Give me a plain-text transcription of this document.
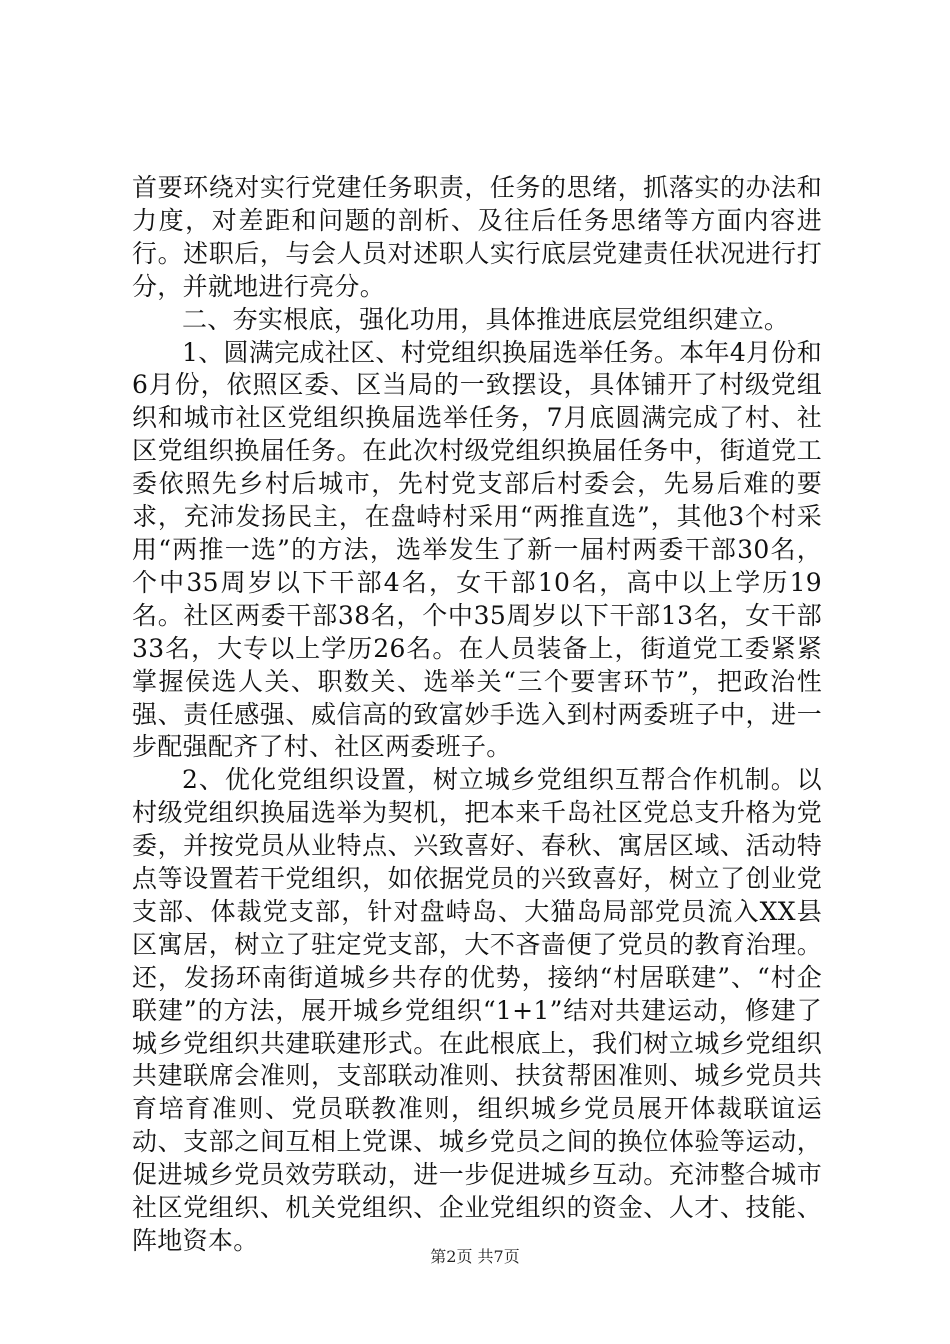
首要环绕对实行党建任务职责，任务的思绪，抓落实的办法和力度，对差距和问题的剖析、及往后任务思绪等方面内容进行。述职后，与会人员对述职人实行底层党建责任状况进行打分，并就地进行亮分。

二、夯实根底，强化功用，具体推进底层党组织建立。

1、圆满完成社区、村党组织换届选举任务。本年4月份和6月份，依照区委、区当局的一致摆设，具体铺开了村级党组织和城市社区党组织换届选举任务，7月底圆满完成了村、社区党组织换届任务。在此次村级党组织换届任务中，街道党工委依照先乡村后城市，先村党支部后村委会，先易后难的要求，充沛发扬民主，在盘峙村采用“两推直选”，其他3个村采用“两推一选”的方法，选举发生了新一届村两委干部30名，个中35周岁以下干部4名，女干部10名，高中以上学历19名。社区两委干部38名，个中35周岁以下干部13名，女干部33名，大专以上学历26名。在人员装备上，街道党工委紧紧掌握侯选人关、职数关、选举关“三个要害环节”，把政治性强、责任感强、威信高的致富妙手选入到村两委班子中，进一步配强配齐了村、社区两委班子。

2、优化党组织设置，树立城乡党组织互帮合作机制。以村级党组织换届选举为契机，把本来千岛社区党总支升格为党委，并按党员从业特点、兴致喜好、春秋、寓居区域、活动特点等设置若干党组织，如依据党员的兴致喜好，树立了创业党支部、体裁党支部，针对盘峙岛、大猫岛局部党员流入XX县区寓居，树立了驻定党支部，大不吝啬便了党员的教育治理。还，发扬环南街道城乡共存的优势，接纳“村居联建”、“村企联建”的方法，展开城乡党组织“1+1”结对共建运动，修建了城乡党组织共建联建形式。在此根底上，我们树立城乡党组织共建联席会准则，支部联动准则、扶贫帮困准则、城乡党员共育培育准则、党员联教准则，组织城乡党员展开体裁联谊运动、支部之间互相上党课、城乡党员之间的换位体验等运动，促进城乡党员效劳联动，进一步促进城乡互动。充沛整合城市社区党组织、机关党组织、企业党组织的资金、人才、技能、阵地资本。

第2页 共7页
